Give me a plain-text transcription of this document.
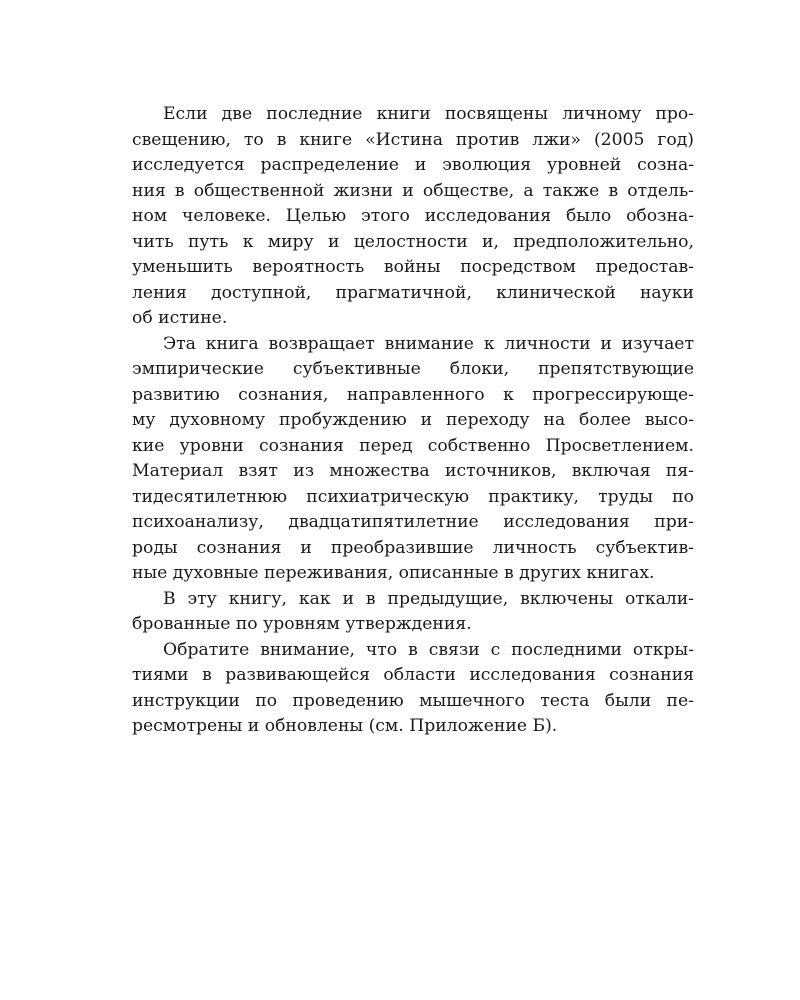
Если две последние книги посвящены личному про-
свещению, то в книге «Истина против лжи» (2005 год)
исследуется распределение и эволюция уровней созна-
ния в общественной жизни и обществе, а также в отдель-
ном человеке. Целью этого исследования было обозна-
чить путь к миру и целостности и, предположительно,
уменьшить вероятность войны посредством предостав-
ления доступной, прагматичной, клинической науки
об истине.

Эта книга возвращает внимание к личности и изучает
эмпирические субъективные блоки, препятствующие
развитию сознания, направленного к прогрессирующе-
му духовному пробуждению и переходу на более высо-
кие уровни сознания перед собственно Просветлением.
Материал взят из множества источников, включая пя-
тидесятилетнюю психиатрическую практику, труды по
психоанализу, двадцатипятилетние исследования при-
роды сознания и преобразившие личность субъектив-
ные духовные переживания, описанные в других книгах.

В эту книгу, как и в предыдущие, включены откали-
брованные по уровням утверждения.

Обратите внимание, что в связи с последними откры-
тиями в развивающейся области исследования сознания
инструкции по проведению мышечного теста были пе-
ресмотрены и обновлены (см. Приложение Б).
